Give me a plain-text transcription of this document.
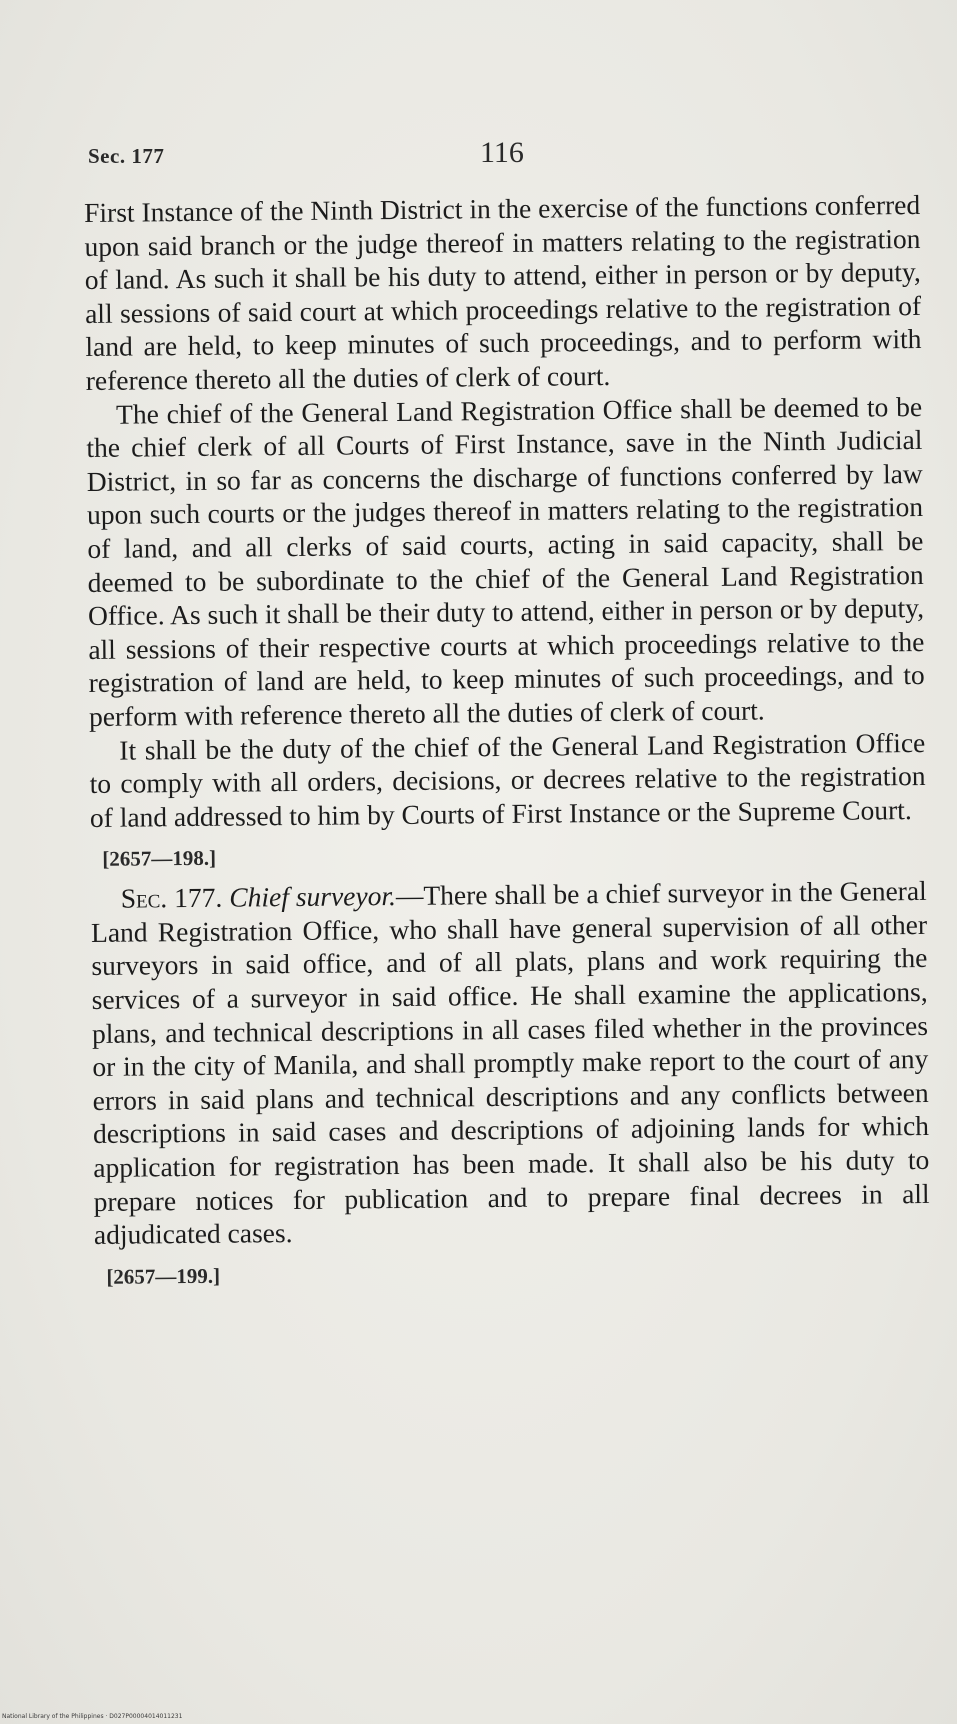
Sec. 177	116

First Instance of the Ninth District in the exercise of the functions conferred upon said branch or the judge thereof in matters relating to the registration of land. As such it shall be his duty to attend, either in person or by deputy, all sessions of said court at which proceedings relative to the registration of land are held, to keep minutes of such proceedings, and to perform with reference thereto all the duties of clerk of court.

The chief of the General Land Registration Office shall be deemed to be the chief clerk of all Courts of First Instance, save in the Ninth Judicial District, in so far as concerns the discharge of functions conferred by law upon such courts or the judges thereof in matters relating to the registration of land, and all clerks of said courts, acting in said capacity, shall be deemed to be subordinate to the chief of the General Land Registration Office. As such it shall be their duty to attend, either in person or by deputy, all sessions of their respective courts at which proceedings relative to the registration of land are held, to keep minutes of such proceedings, and to perform with reference thereto all the duties of clerk of court.

It shall be the duty of the chief of the General Land Registration Office to comply with all orders, decisions, or decrees relative to the registration of land addressed to him by Courts of First Instance or the Supreme Court.

[2657—198.]

Sec. 177. Chief surveyor.—There shall be a chief surveyor in the General Land Registration Office, who shall have general supervision of all other surveyors in said office, and of all plats, plans and work requiring the services of a surveyor in said office. He shall examine the applications, plans, and technical descriptions in all cases filed whether in the provinces or in the city of Manila, and shall promptly make report to the court of any errors in said plans and technical descriptions and any conflicts between descriptions in said cases and descriptions of adjoining lands for which application for registration has been made. It shall also be his duty to prepare notices for publication and to prepare final decrees in all adjudicated cases.

[2657—199.]

National Library of the Philippines · D027P00004014011231
